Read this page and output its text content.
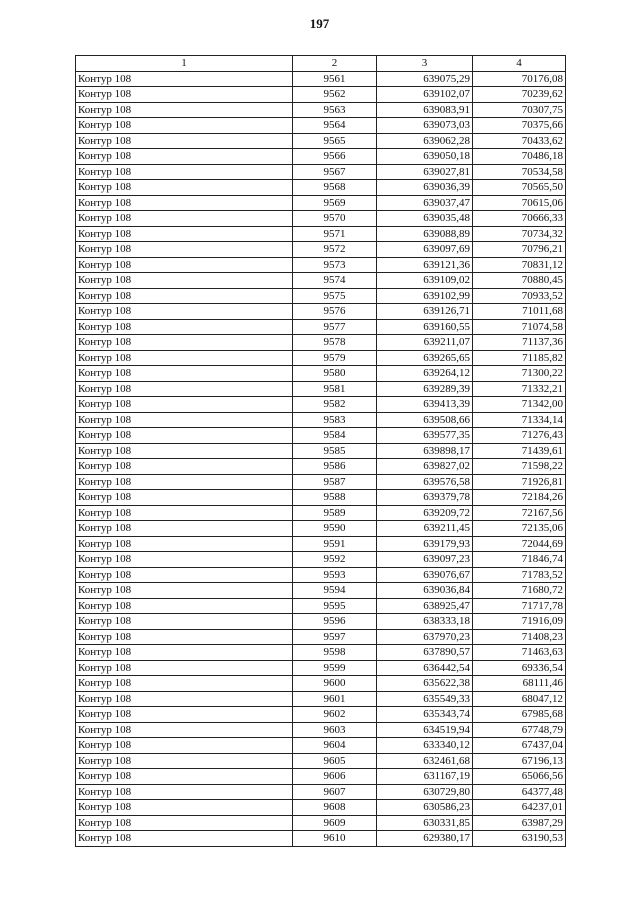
197
1	2	3	4
Контур 108	9561	639075,29	70176,08
Контур 108	9562	639102,07	70239,62
Контур 108	9563	639083,91	70307,75
Контур 108	9564	639073,03	70375,66
Контур 108	9565	639062,28	70433,62
Контур 108	9566	639050,18	70486,18
Контур 108	9567	639027,81	70534,58
Контур 108	9568	639036,39	70565,50
Контур 108	9569	639037,47	70615,06
Контур 108	9570	639035,48	70666,33
Контур 108	9571	639088,89	70734,32
Контур 108	9572	639097,69	70796,21
Контур 108	9573	639121,36	70831,12
Контур 108	9574	639109,02	70880,45
Контур 108	9575	639102,99	70933,52
Контур 108	9576	639126,71	71011,68
Контур 108	9577	639160,55	71074,58
Контур 108	9578	639211,07	71137,36
Контур 108	9579	639265,65	71185,82
Контур 108	9580	639264,12	71300,22
Контур 108	9581	639289,39	71332,21
Контур 108	9582	639413,39	71342,00
Контур 108	9583	639508,66	71334,14
Контур 108	9584	639577,35	71276,43
Контур 108	9585	639898,17	71439,61
Контур 108	9586	639827,02	71598,22
Контур 108	9587	639576,58	71926,81
Контур 108	9588	639379,78	72184,26
Контур 108	9589	639209,72	72167,56
Контур 108	9590	639211,45	72135,06
Контур 108	9591	639179,93	72044,69
Контур 108	9592	639097,23	71846,74
Контур 108	9593	639076,67	71783,52
Контур 108	9594	639036,84	71680,72
Контур 108	9595	638925,47	71717,78
Контур 108	9596	638333,18	71916,09
Контур 108	9597	637970,23	71408,23
Контур 108	9598	637890,57	71463,63
Контур 108	9599	636442,54	69336,54
Контур 108	9600	635622,38	68111,46
Контур 108	9601	635549,33	68047,12
Контур 108	9602	635343,74	67985,68
Контур 108	9603	634519,94	67748,79
Контур 108	9604	633340,12	67437,04
Контур 108	9605	632461,68	67196,13
Контур 108	9606	631167,19	65066,56
Контур 108	9607	630729,80	64377,48
Контур 108	9608	630586,23	64237,01
Контур 108	9609	630331,85	63987,29
Контур 108	9610	629380,17	63190,53
